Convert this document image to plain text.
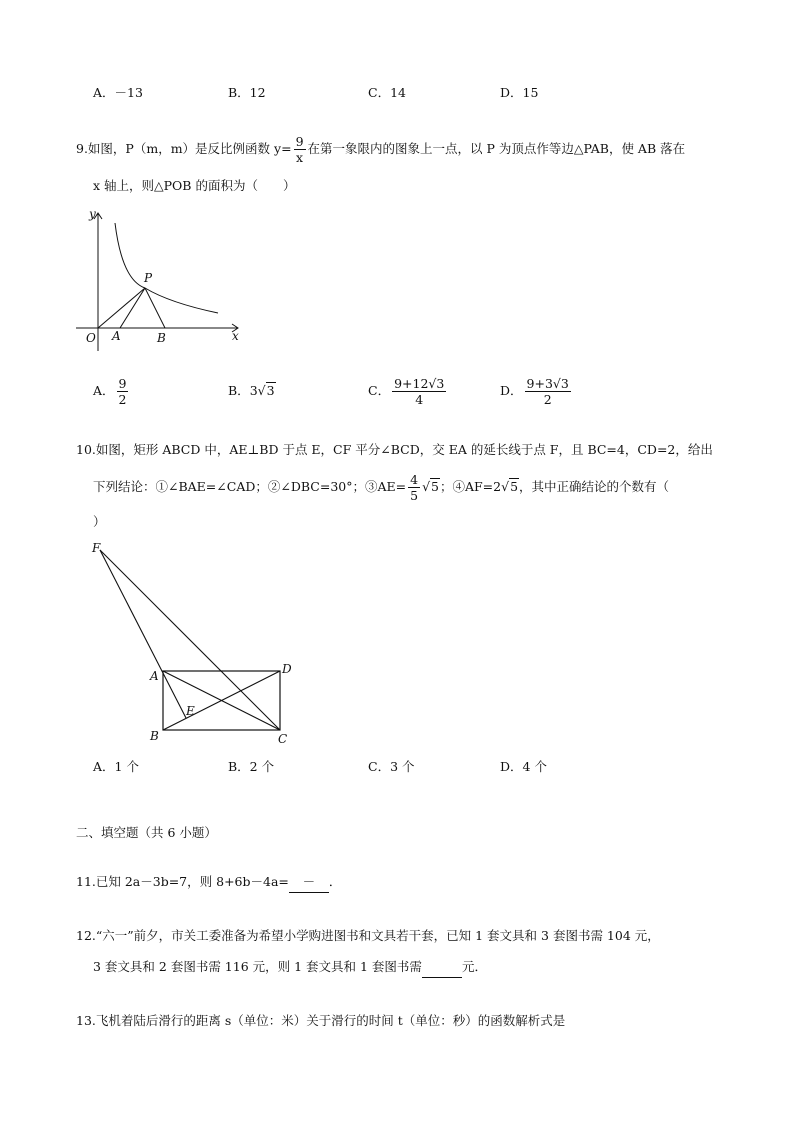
A．－13	B．12	C．14	D．15
9.如图，P（m，m）是反比例函数 $y= \frac{9}{x}$ 在第一象限内的图象上一点，以 P 为顶点作等边△PAB，使 AB 落在
x 轴上，则△POB 的面积为（　　）
y
x
O A	B
P
A． $\frac{9}{2}$	B．3√3	C． $\frac{9+12√3}{4}$	D． $\frac{9+3√3}{2}$
10.如图，矩形 ABCD 中，AE⊥BD 于点 E，CF 平分∠BCD，交 EA 的延长线于点 F，且 BC=4，CD=2，给出
下列结论：①∠BAE=∠CAD；②∠DBC=30°；③AE= $\frac{4}{5} √5$；④AF=2√5，其中正确结论的个数有（
）
F
A	D
E
B	C
A．1 个	B．2 个	C．3 个	D．4 个
二、填空题（共 6 小题）
11.已知 2a－3b=7，则 8+6b－4a= － ．
12.“六一”前夕，市关工委准备为希望小学购进图书和文具若干套，已知 1 套文具和 3 套图书需 104 元，
3 套文具和 2 套图书需 116 元，则 1 套文具和 1 套图书需	元．
13.飞机着陆后滑行的距离 s（单位：米）关于滑行的时间 t（单位：秒）的函数解析式是
